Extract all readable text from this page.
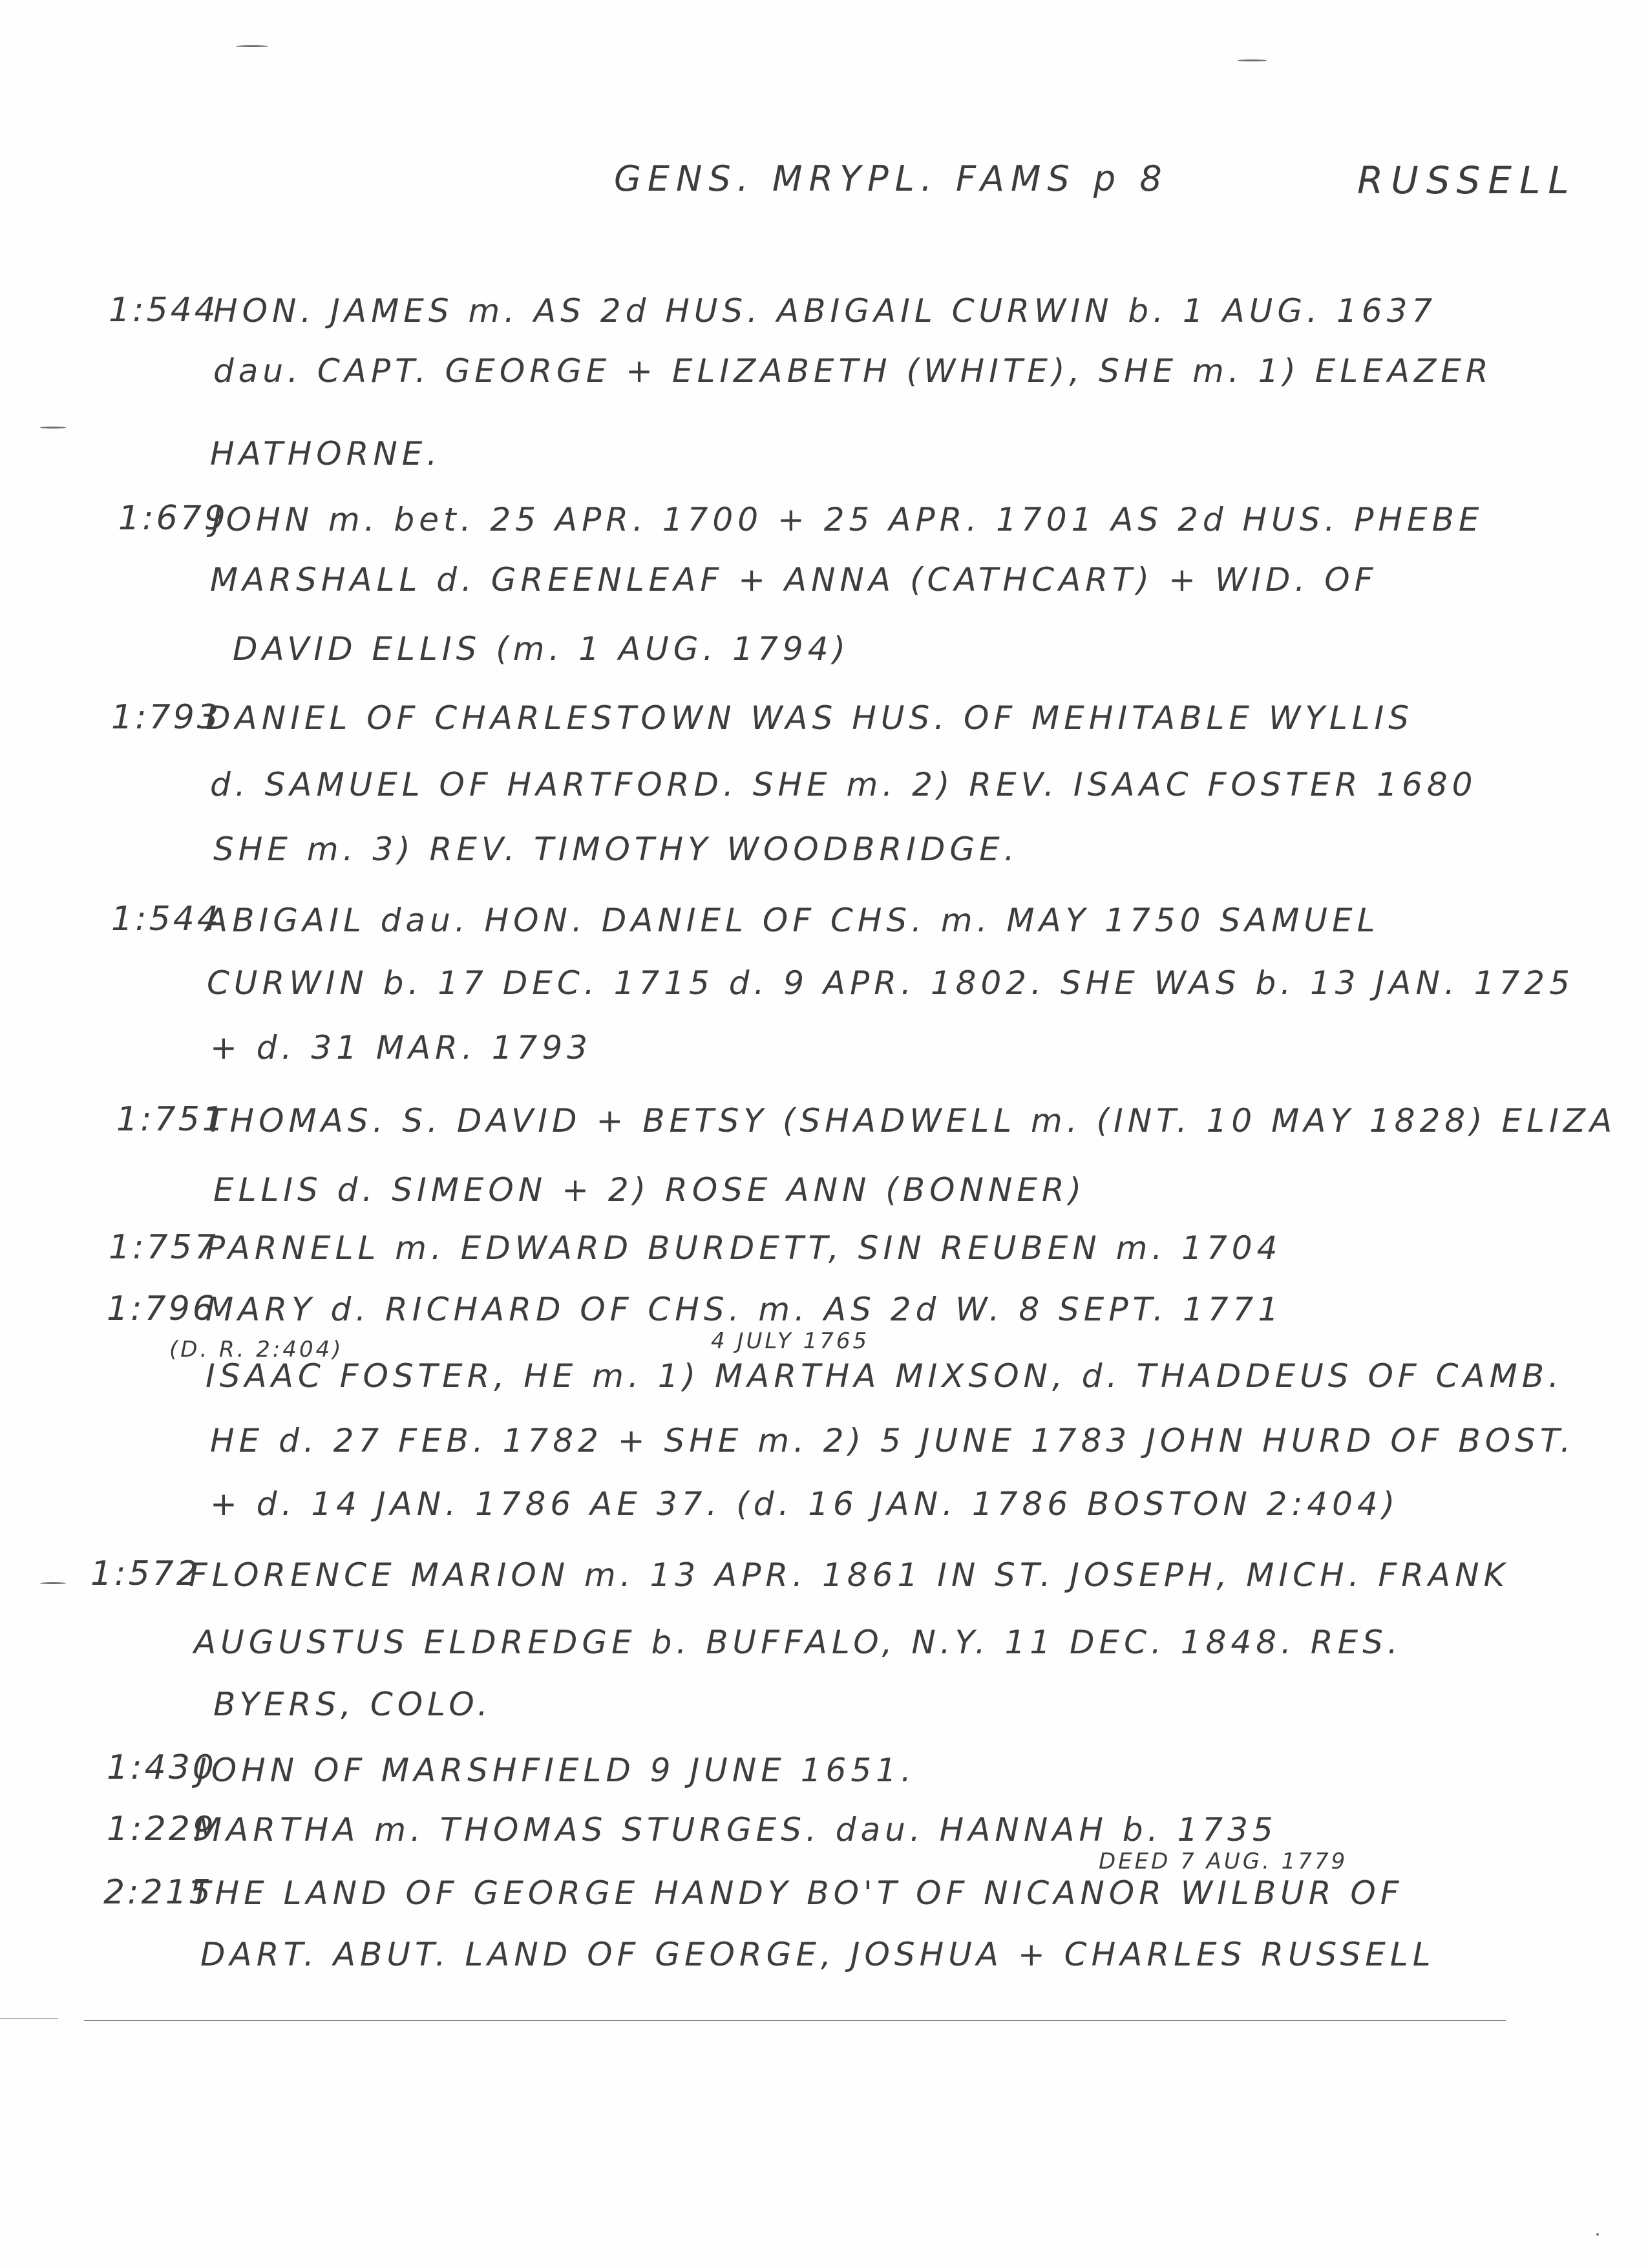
GENS. MRYPL. FAMS p 8	RUSSELL
1:544
HON. JAMES m. AS 2d HUS. ABIGAIL CURWIN b. 1 AUG. 1637
dau. CAPT. GEORGE + ELIZABETH (WHITE), SHE m. 1) ELEAZER
HATHORNE.
1:679
JOHN m. bet. 25 APR. 1700 + 25 APR. 1701 AS 2d HUS. PHEBE
MARSHALL d. GREENLEAF + ANNA (CATHCART) + WID. OF
DAVID ELLIS (m. 1 AUG. 1794)
1:793
DANIEL OF CHARLESTOWN WAS HUS. OF MEHITABLE WYLLIS
d. SAMUEL OF HARTFORD. SHE m. 2) REV. ISAAC FOSTER 1680
SHE m. 3) REV. TIMOTHY WOODBRIDGE.
1:544
ABIGAIL dau. HON. DANIEL OF CHS. m. MAY 1750 SAMUEL
CURWIN b. 17 DEC. 1715 d. 9 APR. 1802. SHE WAS b. 13 JAN. 1725
+ d. 31 MAR. 1793
1:751
THOMAS. S. DAVID + BETSY (SHADWELL m. (INT. 10 MAY 1828) ELIZA
ELLIS d. SIMEON + 2) ROSE ANN (BONNER)
1:757
PARNELL m. EDWARD BURDETT, SIN REUBEN m. 1704
1:796
MARY d. RICHARD OF CHS. m. AS 2d W. 8 SEPT. 1771
(D. R. 2:404)	4 JULY 1765
ISAAC FOSTER, HE m. 1) MARTHA MIXSON, d. THADDEUS OF CAMB.
HE d. 27 FEB. 1782 + SHE m. 2) 5 JUNE 1783 JOHN HURD OF BOST.
+ d. 14 JAN. 1786 AE 37. (d. 16 JAN. 1786 BOSTON 2:404)
1:572
FLORENCE MARION m. 13 APR. 1861 IN ST. JOSEPH, MICH. FRANK
AUGUSTUS ELDREDGE b. BUFFALO, N.Y. 11 DEC. 1848. RES.
BYERS, COLO.
1:430
JOHN OF MARSHFIELD 9 JUNE 1651.
1:229
MARTHA m. THOMAS STURGES. dau. HANNAH b. 1735
2:215
DEED 7 AUG. 1779
THE LAND OF GEORGE HANDY BO'T OF NICANOR WILBUR OF
DART. ABUT. LAND OF GEORGE, JOSHUA + CHARLES RUSSELL
